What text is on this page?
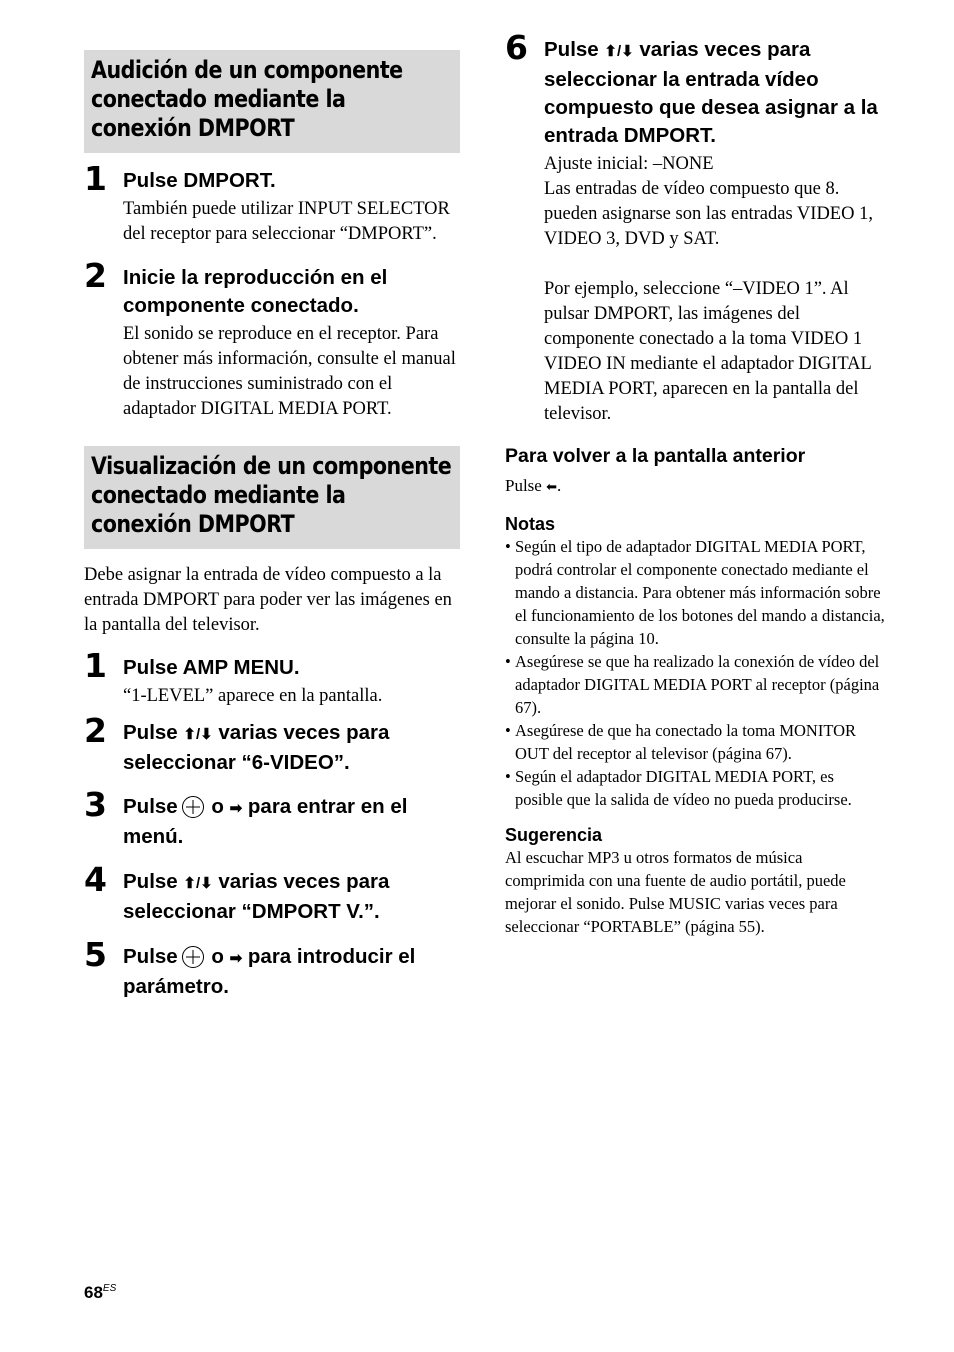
Audición de un componente
conectado mediante la
conexión DMPORT
1 Pulse DMPORT.
También puede utilizar INPUT SELECTOR del receptor para seleccionar “DMPORT”.
2 Inicie la reproducción en el componente conectado.
El sonido se reproduce en el receptor. Para obtener más información, consulte el manual de instrucciones suministrado con el adaptador DIGITAL MEDIA PORT.
Visualización de un componente
conectado mediante la
conexión DMPORT
Debe asignar la entrada de vídeo compuesto a la entrada DMPORT para poder ver las imágenes en la pantalla del televisor.
1 Pulse AMP MENU.
“1-LEVEL” aparece en la pantalla.
2 Pulse ⬆/⬇ varias veces para seleccionar “6-VIDEO”.
3 Pulse o ➡ para entrar en el menú.
4 Pulse ⬆/⬇ varias veces para seleccionar “DMPORT V.”.
5 Pulse o ➡ para introducir el parámetro.
6 Pulse ⬆/⬇ varias veces para seleccionar la entrada vídeo compuesto que desea asignar a la entrada DMPORT.
Ajuste inicial: –NONE
Las entradas de vídeo compuesto que 8. pueden asignarse son las entradas VIDEO 1, VIDEO 3, DVD y SAT.
Por ejemplo, seleccione “–VIDEO 1”. Al pulsar DMPORT, las imágenes del componente conectado a la toma VIDEO 1 VIDEO IN mediante el adaptador DIGITAL MEDIA PORT, aparecen en la pantalla del televisor.
Para volver a la pantalla anterior
Pulse ⬅.
Notas
• Según el tipo de adaptador DIGITAL MEDIA PORT, podrá controlar el componente conectado mediante el mando a distancia. Para obtener más información sobre el funcionamiento de los botones del mando a distancia, consulte la página 10.
• Asegúrese se que ha realizado la conexión de vídeo del adaptador DIGITAL MEDIA PORT al receptor (página 67).
• Asegúrese de que ha conectado la toma MONITOR OUT del receptor al televisor (página 67).
• Según el adaptador DIGITAL MEDIA PORT, es posible que la salida de vídeo no pueda producirse.
Sugerencia
Al escuchar MP3 u otros formatos de música comprimida con una fuente de audio portátil, puede mejorar el sonido. Pulse MUSIC varias veces para seleccionar “PORTABLE” (página 55).
$68^{ES}$
